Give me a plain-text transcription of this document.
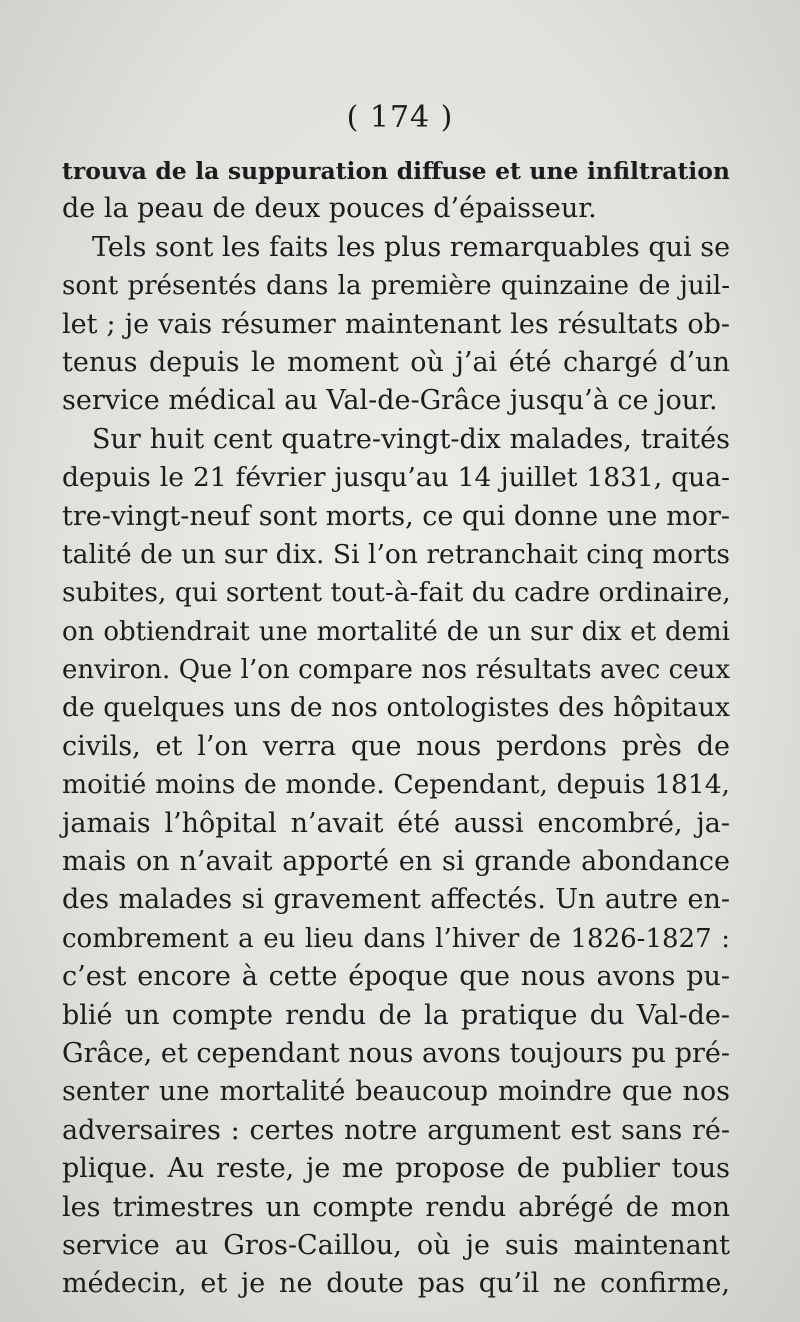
( 174 )
trouva de la suppuration diffuse et une infiltration
de la peau de deux pouces d’épaisseur.
Tels sont les faits les plus remarquables qui se
sont présentés dans la première quinzaine de juil-
let ; je vais résumer maintenant les résultats ob-
tenus depuis le moment où j’ai été chargé d’un
service médical au Val-de-Grâce jusqu’à ce jour.
Sur huit cent quatre-vingt-dix malades, traités
depuis le 21 février jusqu’au 14 juillet 1831, qua-
tre-vingt-neuf sont morts, ce qui donne une mor-
talité de un sur dix. Si l’on retranchait cinq morts
subites, qui sortent tout-à-fait du cadre ordinaire,
on obtiendrait une mortalité de un sur dix et demi
environ. Que l’on compare nos résultats avec ceux
de quelques uns de nos ontologistes des hôpitaux
civils, et l’on verra que nous perdons près de
moitié moins de monde. Cependant, depuis 1814,
jamais l’hôpital n’avait été aussi encombré, ja-
mais on n’avait apporté en si grande abondance
des malades si gravement affectés. Un autre en-
combrement a eu lieu dans l’hiver de 1826-1827 :
c’est encore à cette époque que nous avons pu-
blié un compte rendu de la pratique du Val-de-
Grâce, et cependant nous avons toujours pu pré-
senter une mortalité beaucoup moindre que nos
adversaires : certes notre argument est sans ré-
plique. Au reste, je me propose de publier tous
les trimestres un compte rendu abrégé de mon
service au Gros-Caillou, où je suis maintenant
médecin, et je ne doute pas qu’il ne confirme,
